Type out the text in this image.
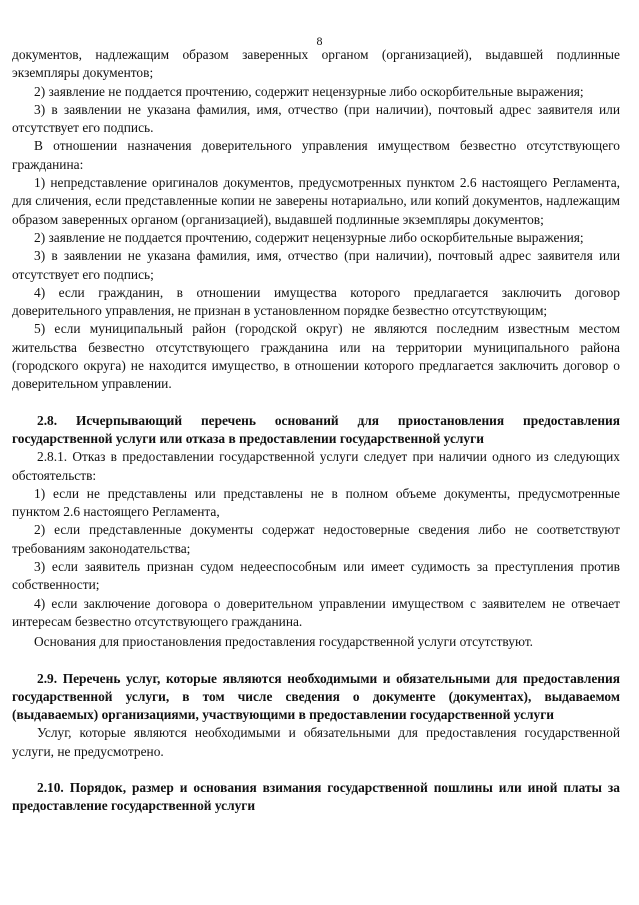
8

документов, надлежащим образом заверенных органом (организацией), выдавшей подлинные экземпляры документов;

2) заявление не поддается прочтению, содержит нецензурные либо оскорбительные выражения;

3) в заявлении не указана фамилия, имя, отчество (при наличии), почтовый адрес заявителя или отсутствует его подпись.

В отношении назначения доверительного управления имуществом безвестно отсутствующего гражданина:

1) непредставление оригиналов документов, предусмотренных пунктом 2.6 настоящего Регламента, для сличения, если представленные копии не заверены нотариально, или копий документов, надлежащим образом заверенных органом (организацией), выдавшей подлинные экземпляры документов;

2) заявление не поддается прочтению, содержит нецензурные либо оскорбительные выражения;

3) в заявлении не указана фамилия, имя, отчество (при наличии), почтовый адрес заявителя или отсутствует его подпись;

4) если гражданин, в отношении имущества которого предлагается заключить договор доверительного управления, не признан в установленном порядке безвестно отсутствующим;

5) если муниципальный район (городской округ) не являются последним известным местом жительства безвестно отсутствующего гражданина или на территории муниципального района (городского округа) не находится имущество, в отношении которого предлагается заключить договор о доверительном управлении.

2.8. Исчерпывающий перечень оснований для приостановления предоставления государственной услуги или отказа в предоставлении государственной услуги

2.8.1. Отказ в предоставлении государственной услуги следует при наличии одного из следующих обстоятельств:

1) если не представлены или представлены не в полном объеме документы, предусмотренные пунктом 2.6 настоящего Регламента,

2) если представленные документы содержат недостоверные сведения либо не соответствуют требованиям законодательства;

3) если заявитель признан судом недееспособным или имеет судимость за преступления против собственности;

4) если заключение договора о доверительном управлении имуществом с заявителем не отвечает интересам безвестно отсутствующего гражданина.

Основания для приостановления предоставления государственной услуги отсутствуют.

2.9. Перечень услуг, которые являются необходимыми и обязательными для предоставления государственной услуги, в том числе сведения о документе (документах), выдаваемом (выдаваемых) организациями, участвующими в предоставлении государственной услуги

Услуг, которые являются необходимыми и обязательными для предоставления государственной услуги, не предусмотрено.

2.10. Порядок, размер и основания взимания государственной пошлины или иной платы за предоставление государственной услуги
